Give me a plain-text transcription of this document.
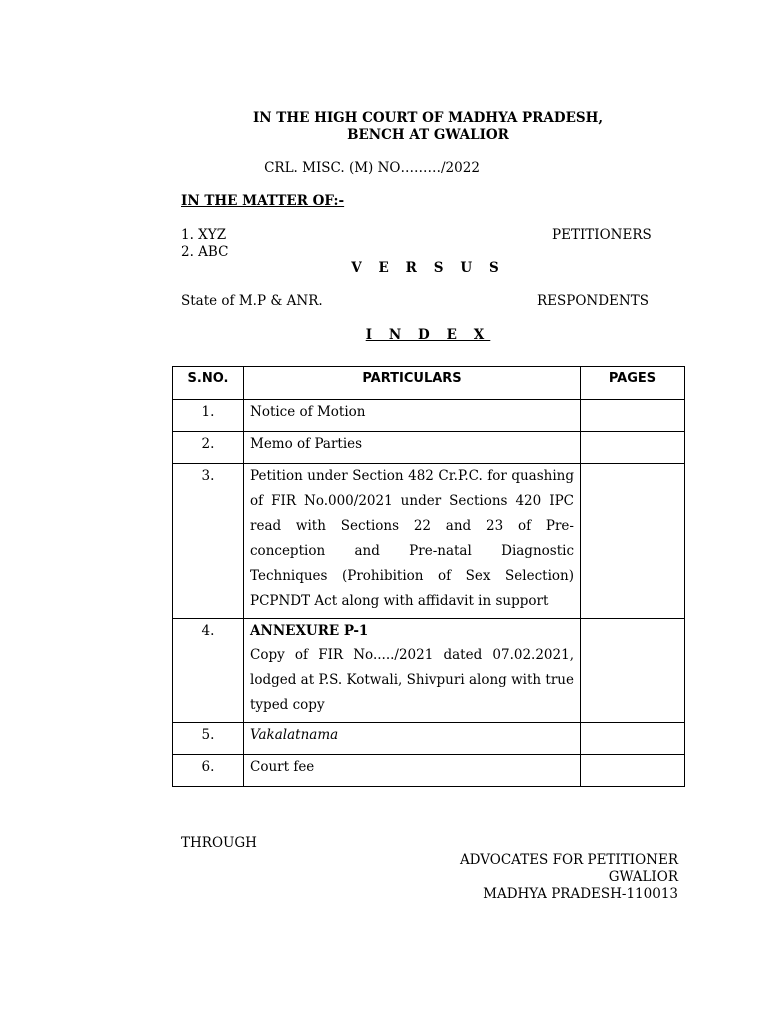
IN THE HIGH COURT OF MADHYA PRADESH,
BENCH AT GWALIOR
CRL. MISC. (M) NO………/2022
IN THE MATTER OF:-
1. XYZ
2. ABC
PETITIONERS
V E R S U S
State of M.P & ANR.	RESPONDENTS
I N D E X
S.NO.	PARTICULARS	PAGES
1.	Notice of Motion	
2.	Memo of Parties	
3.	Petition under Section 482 Cr.P.C. for quashing of FIR No.000/2021 under Sections 420 IPC read with Sections 22 and 23 of Pre-conception and Pre-natal Diagnostic Techniques (Prohibition of Sex Selection) PCPNDT Act along with affidavit in support	
4.	ANNEXURE P-1
Copy of FIR No...../2021 dated 07.02.2021, lodged at P.S. Kotwali, Shivpuri along with true typed copy	

5.	Vakalatnama	
6.	Court fee	
THROUGH
ADVOCATES FOR PETITIONER
GWALIOR
MADHYA PRADESH-110013
